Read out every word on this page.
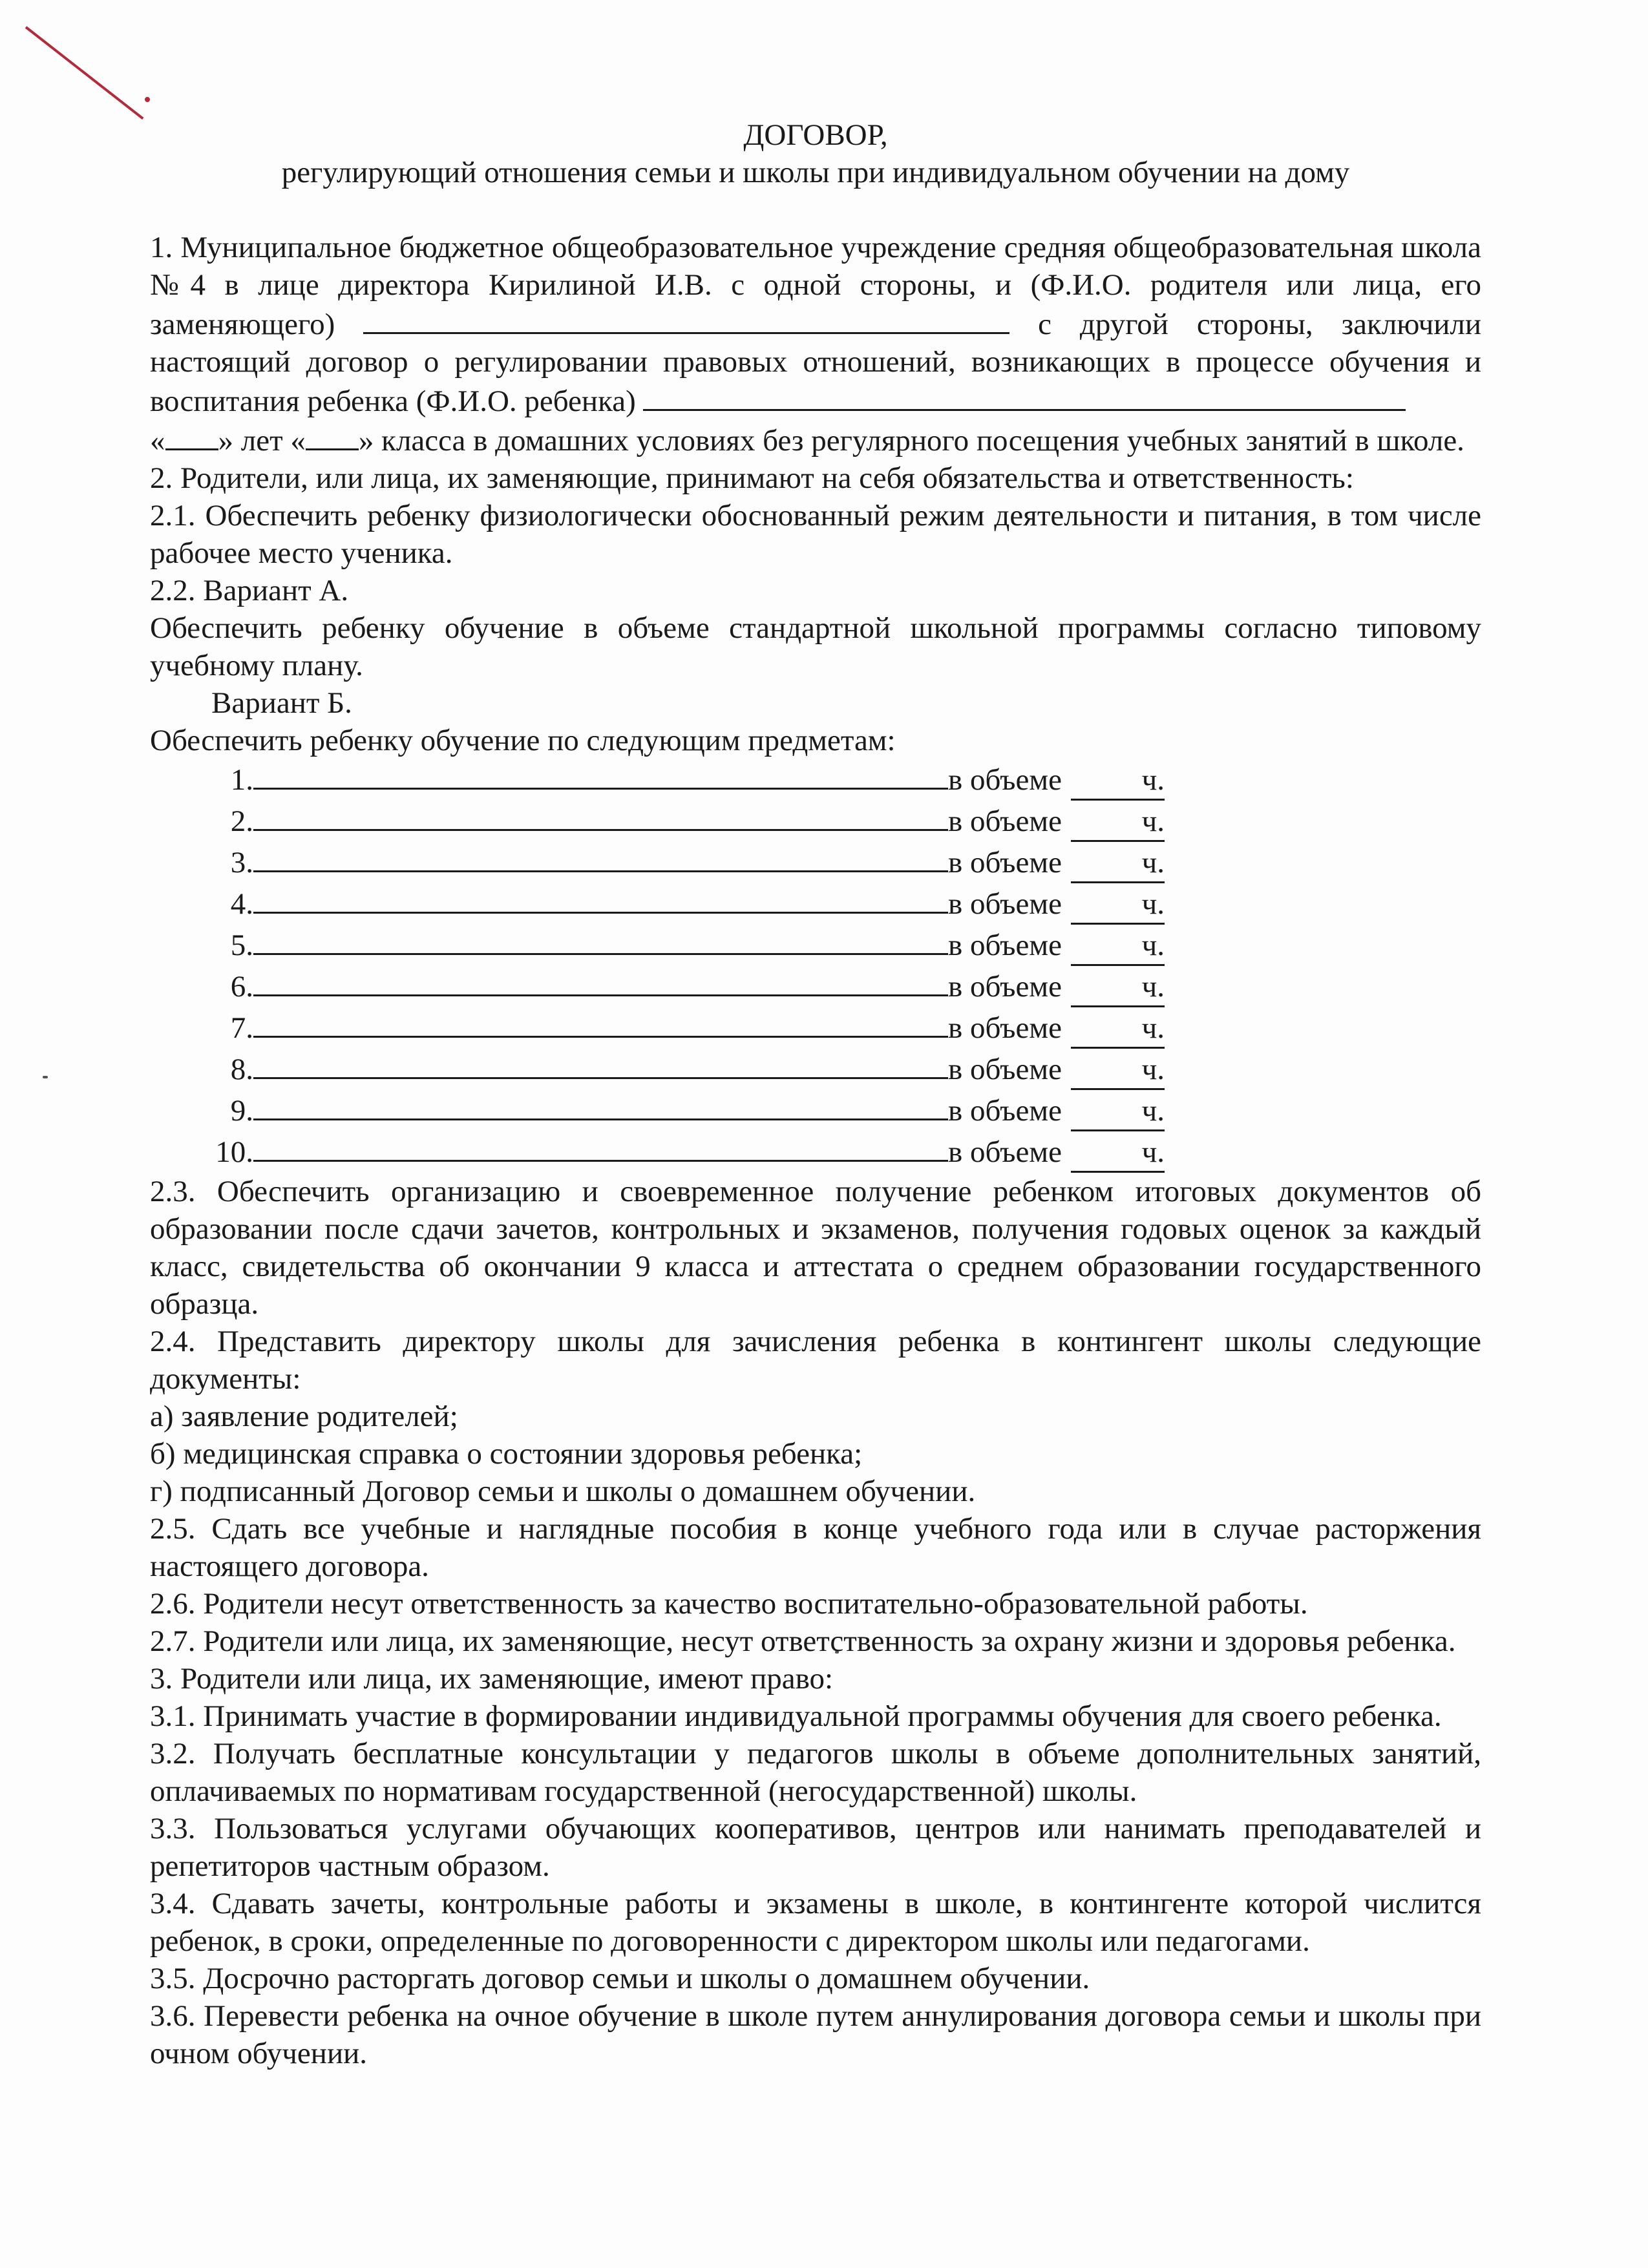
ДОГОВОР,
регулирующий отношения семьи и школы при индивидуальном обучении на дому

1. Муниципальное бюджетное общеобразовательное учреждение средняя общеобразовательная школа №4 в лице директора Кирилиной И.В. с одной стороны, и (Ф.И.О. родителя или лица, его заменяющего)	с другой стороны, заключили настоящий договор о регулировании правовых отношений, возникающих в процессе обучения и воспитания ребенка (Ф.И.О. ребенка)

« » лет « » класса в домашних условиях без регулярного посещения учебных занятий в школе.

2. Родители, или лица, их заменяющие, принимают на себя обязательства и ответственность:

2.1. Обеспечить ребенку физиологически обоснованный режим деятельности и питания, в том числе рабочее место ученика.

2.2. Вариант А.

Обеспечить ребенку обучение в объеме стандартной школьной программы согласно типовому учебному плану.

Вариант Б.

Обеспечить ребенку обучение по следующим предметам:

1.	в объеме	ч.
2.	в объеме	ч.
3.	в объеме	ч.
4.	в объеме	ч.
5.	в объеме	ч.
6.	в объеме	ч.
7.	в объеме	ч.
8.	в объеме	ч.
9.	в объеме	ч.
10.	в объеме	ч.

2.3. Обеспечить организацию и своевременное получение ребенком итоговых документов об образовании после сдачи зачетов, контрольных и экзаменов, получения годовых оценок за каждый класс, свидетельства об окончании 9 класса и аттестата о среднем образовании государственного образца.

2.4. Представить директору школы для зачисления ребенка в контингент школы следующие документы:

а) заявление родителей;

б) медицинская справка о состоянии здоровья ребенка;

г) подписанный Договор семьи и школы о домашнем обучении.

2.5. Сдать все учебные и наглядные пособия в конце учебного года или в случае расторжения настоящего договора.

2.6. Родители несут ответственность за качество воспитательно-образовательной работы.

2.7. Родители или лица, их заменяющие, несут ответственность за охрану жизни и здоровья ребенка.

3. Родители или лица, их заменяющие, имеют право:

3.1. Принимать участие в формировании индивидуальной программы обучения для своего ребенка.

3.2. Получать бесплатные консультации у педагогов школы в объеме дополнительных занятий, оплачиваемых по нормативам государственной (негосударственной) школы.

3.3. Пользоваться услугами обучающих кооперативов, центров или нанимать преподавателей и репетиторов частным образом.

3.4. Сдавать зачеты, контрольные работы и экзамены в школе, в контингенте которой числится ребенок, в сроки, определенные по договоренности с директором школы или педагогами.

3.5. Досрочно расторгать договор семьи и школы о домашнем обучении.

3.6. Перевести ребенка на очное обучение в школе путем аннулирования договора семьи и школы при очном обучении.
